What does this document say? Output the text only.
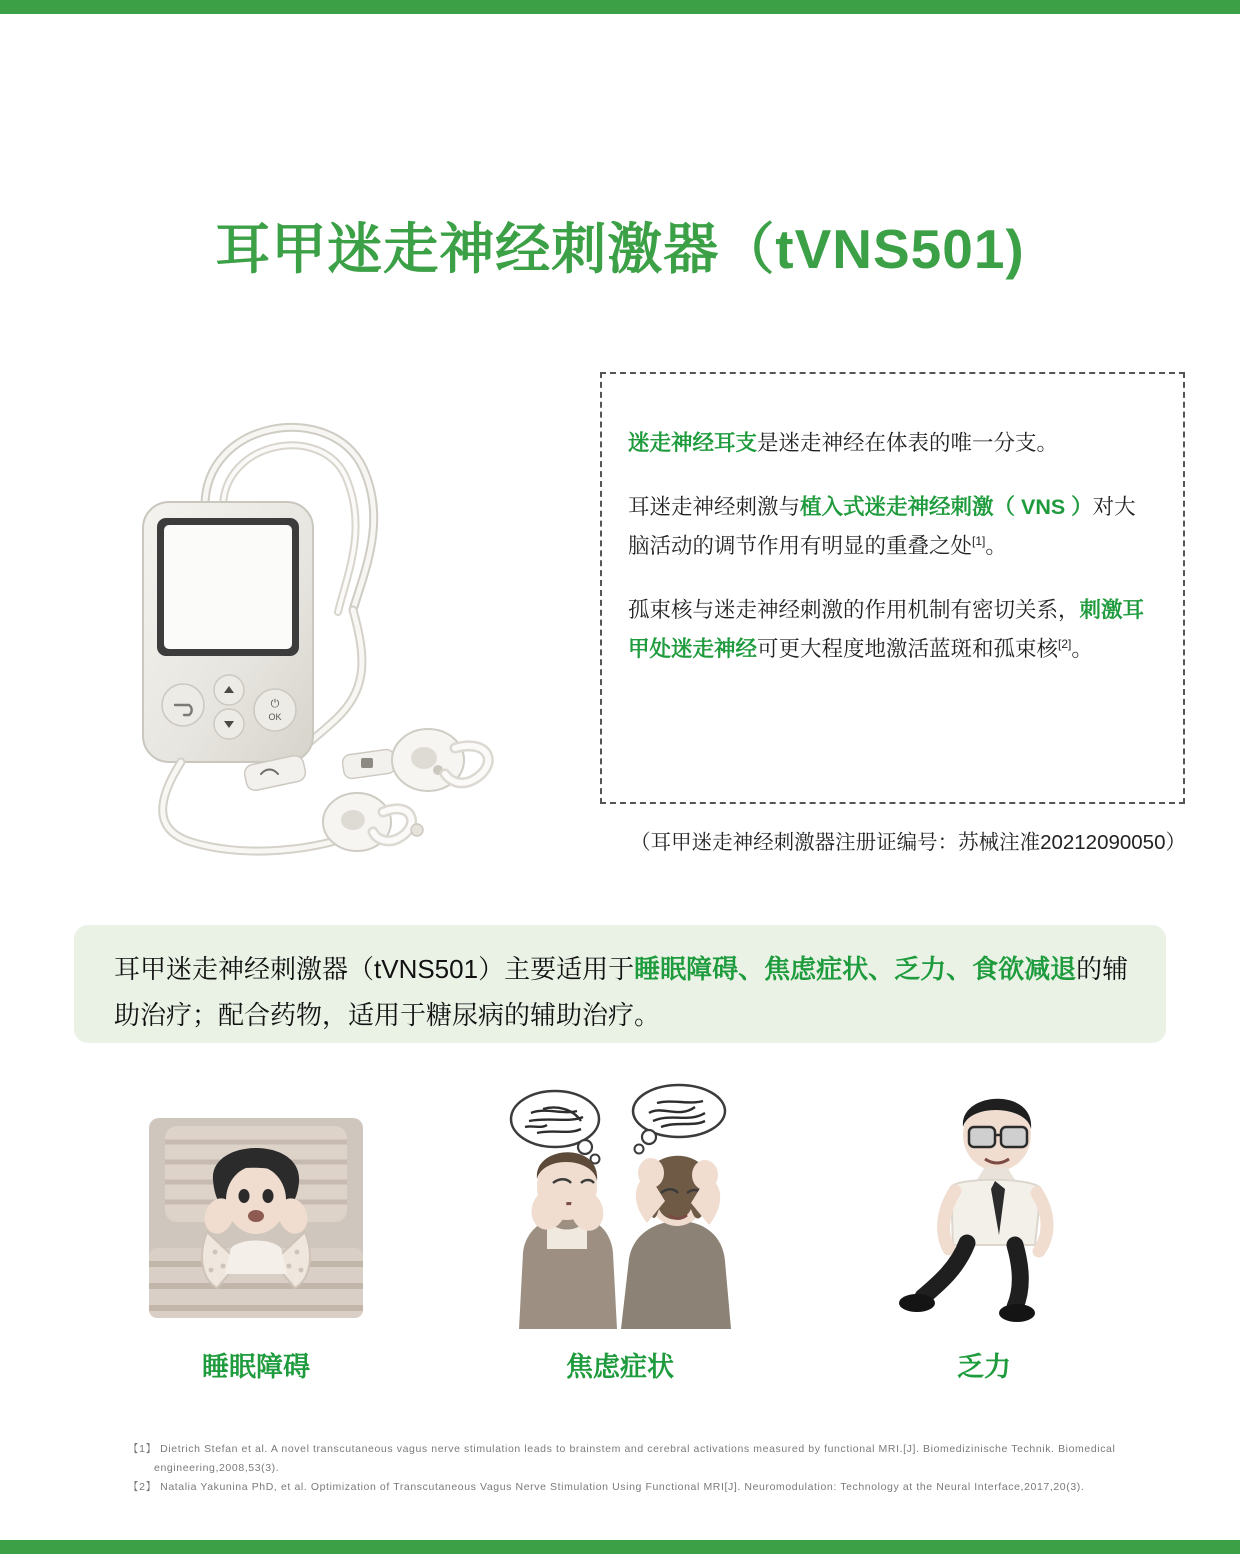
耳甲迷走神经刺激器（tVNS501)
⏻
OK
迷走神经耳支是迷走神经在体表的唯一分支。
耳迷走神经刺激与植入式迷走神经刺激（ VNS ）对大脑活动的调节作用有明显的重叠之处[1]。
孤束核与迷走神经刺激的作用机制有密切关系，刺激耳甲处迷走神经可更大程度地激活蓝斑和孤束核[2]。
（耳甲迷走神经刺激器注册证编号：苏械注准20212090050）
耳甲迷走神经刺激器（tVNS501）主要适用于睡眠障碍、焦虑症状、乏力、食欲减退的辅助治疗；配合药物，适用于糖尿病的辅助治疗。
睡眠障碍	焦虑症状	乏力
【1】 Dietrich Stefan et al. A novel transcutaneous vagus nerve stimulation leads to brainstem and cerebral activations measured by functional MRI.[J]. Biomedizinische Technik. Biomedical
engineering,2008,53(3).
【2】 Natalia Yakunina PhD, et al. Optimization of Transcutaneous Vagus Nerve Stimulation Using Functional MRI[J]. Neuromodulation: Technology at the Neural Interface,2017,20(3).
